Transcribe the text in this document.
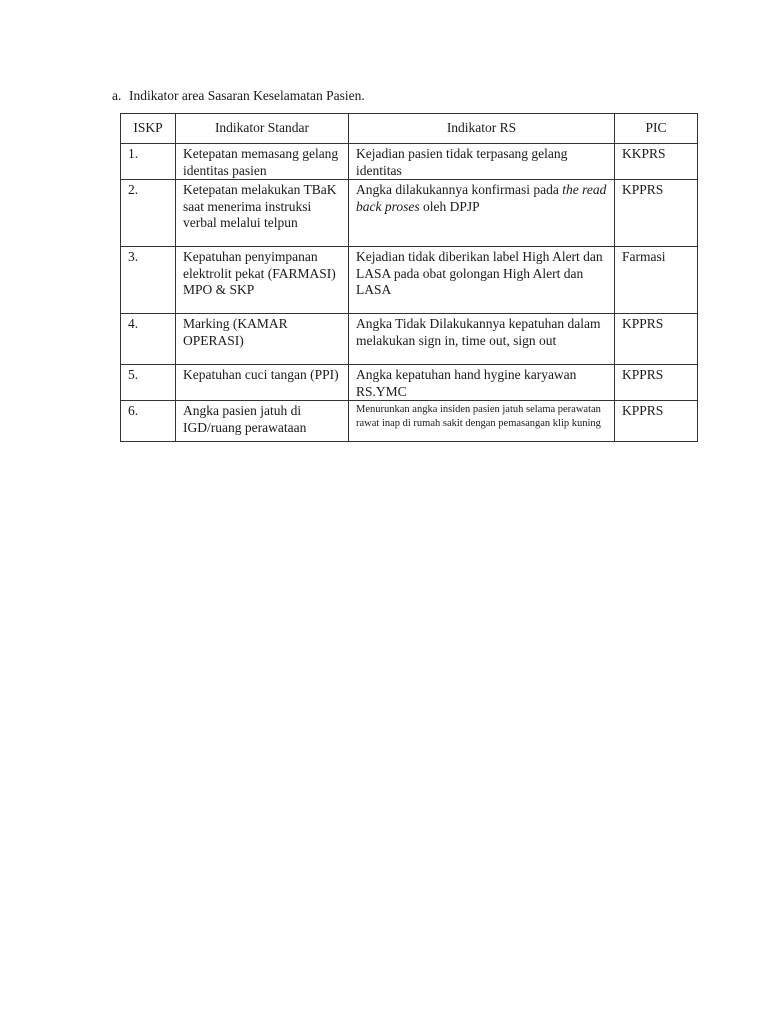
a. Indikator area Sasaran Keselamatan Pasien.
ISKP	Indikator Standar	Indikator RS	PIC
1.	Ketepatan memasang gelang identitas pasien	Kejadian pasien tidak terpasang gelang identitas	KKPRS
2.	Ketepatan melakukan TBaK saat menerima instruksi verbal melalui telpun	Angka dilakukannya konfirmasi pada the read back proses oleh DPJP	KPPRS
3.	Kepatuhan penyimpanan elektrolit pekat (FARMASI) MPO & SKP	Kejadian tidak diberikan label High Alert dan LASA pada obat golongan High Alert dan LASA	Farmasi
4.	Marking (KAMAR OPERASI)	Angka Tidak Dilakukannya kepatuhan dalam melakukan sign in, time out, sign out	KPPRS
5.	Kepatuhan cuci tangan (PPI)	Angka kepatuhan hand hygine karyawan RS.YMC	KPPRS
6.	Angka pasien jatuh di IGD/ruang perawataan	Menurunkan angka insiden pasien jatuh selama perawatan rawat inap di rumah sakit dengan pemasangan klip kuning	KPPRS
